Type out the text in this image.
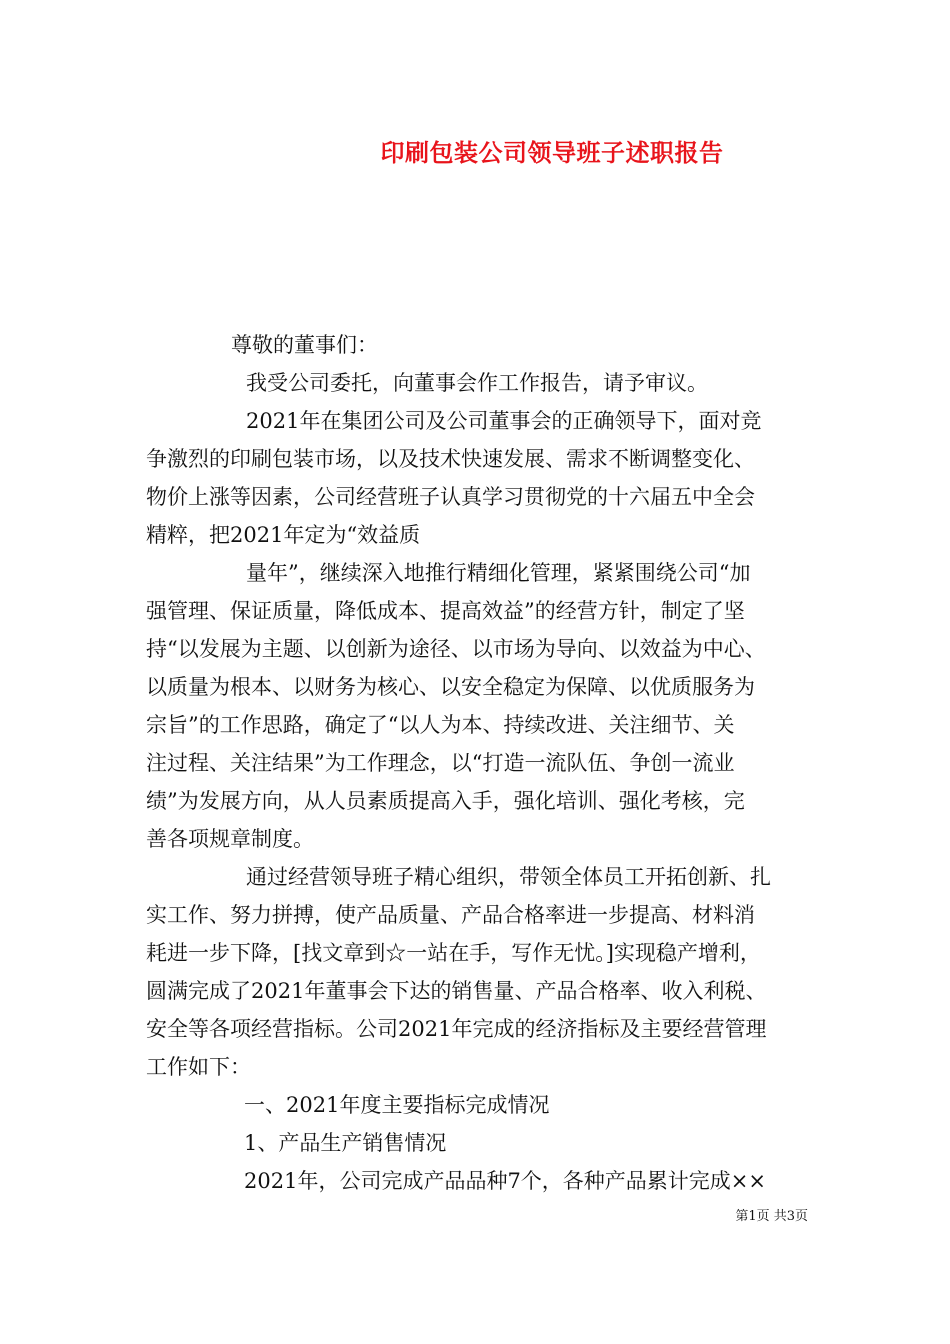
印刷包装公司领导班子述职报告
尊敬的董事们：
我受公司委托，向董事会作工作报告，请予审议。
2021年在集团公司及公司董事会的正确领导下，面对竞
争激烈的印刷包装市场，以及技术快速发展、需求不断调整变化、
物价上涨等因素，公司经营班子认真学习贯彻党的十六届五中全会
精粹，把2021年定为“效益质
量年”，继续深入地推行精细化管理，紧紧围绕公司“加
强管理、保证质量，降低成本、提高效益”的经营方针，制定了坚
持“以发展为主题、以创新为途径、以市场为导向、以效益为中心、
以质量为根本、以财务为核心、以安全稳定为保障、以优质服务为
宗旨”的工作思路，确定了“以人为本、持续改进、关注细节、关
注过程、关注结果”为工作理念，以“打造一流队伍、争创一流业
绩”为发展方向，从人员素质提高入手，强化培训、强化考核，完
善各项规章制度。
通过经营领导班子精心组织，带领全体员工开拓创新、扎
实工作、努力拼搏，使产品质量、产品合格率进一步提高、材料消
耗进一步下降，[找文章到☆一站在手，写作无忧。]实现稳产增利，
圆满完成了2021年董事会下达的销售量、产品合格率、收入利税、
安全等各项经营指标。公司2021年完成的经济指标及主要经营管理
工作如下：
一、2021年度主要指标完成情况
1、产品生产销售情况
2021年，公司完成产品品种7个，各种产品累计完成××
第1页 共3页
